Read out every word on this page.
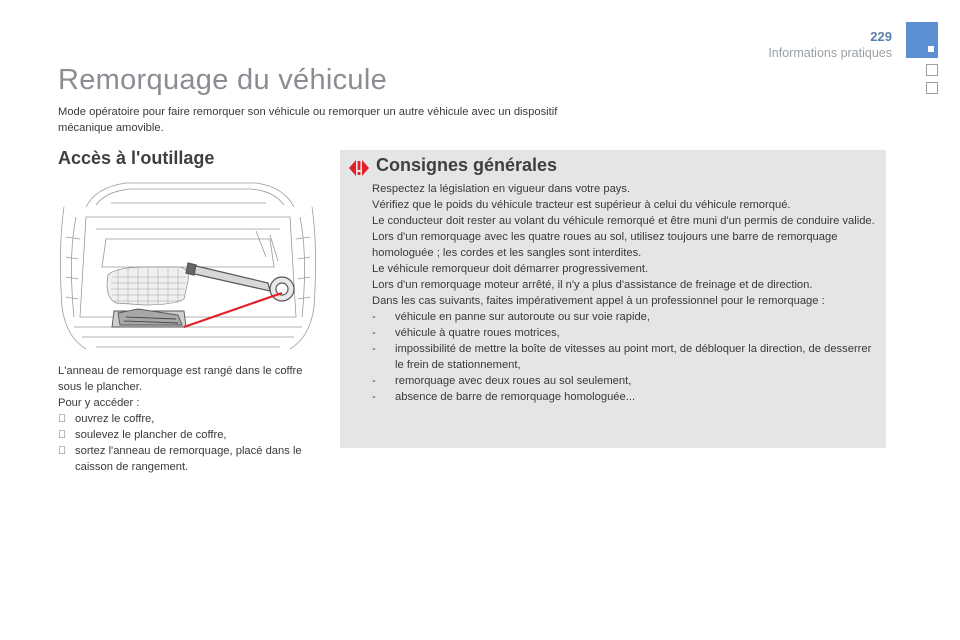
229
Informations pratiques
Remorquage du véhicule

Mode opératoire pour faire remorquer son véhicule ou remorquer un autre véhicule avec un dispositif mécanique amovible.

Accès à l'outillage

L'anneau de remorquage est rangé dans le coffre sous le plancher.

Pour y accéder :

ouvrez le coffre,
soulevez le plancher de coffre,
sortez l'anneau de remorquage, placé dans le caisson de rangement.
Consignes générales

Respectez la législation en vigueur dans votre pays.

Vérifiez que le poids du véhicule tracteur est supérieur à celui du véhicule remorqué.

Le conducteur doit rester au volant du véhicule remorqué et être muni d'un permis de conduire valide.

Lors d'un remorquage avec les quatre roues au sol, utilisez toujours une barre de remorquage homologuée ; les cordes et les sangles sont interdites.

Le véhicule remorqueur doit démarrer progressivement.

Lors d'un remorquage moteur arrêté, il n'y a plus d'assistance de freinage et de direction.

Dans les cas suivants, faites impérativement appel à un professionnel pour le remorquage :

- véhicule en panne sur autoroute ou sur voie rapide,
- véhicule à quatre roues motrices,
- impossibilité de mettre la boîte de vitesses au point mort, de débloquer la direction, de desserrer le frein de stationnement,
- remorquage avec deux roues au sol seulement,
- absence de barre de remorquage homologuée...
